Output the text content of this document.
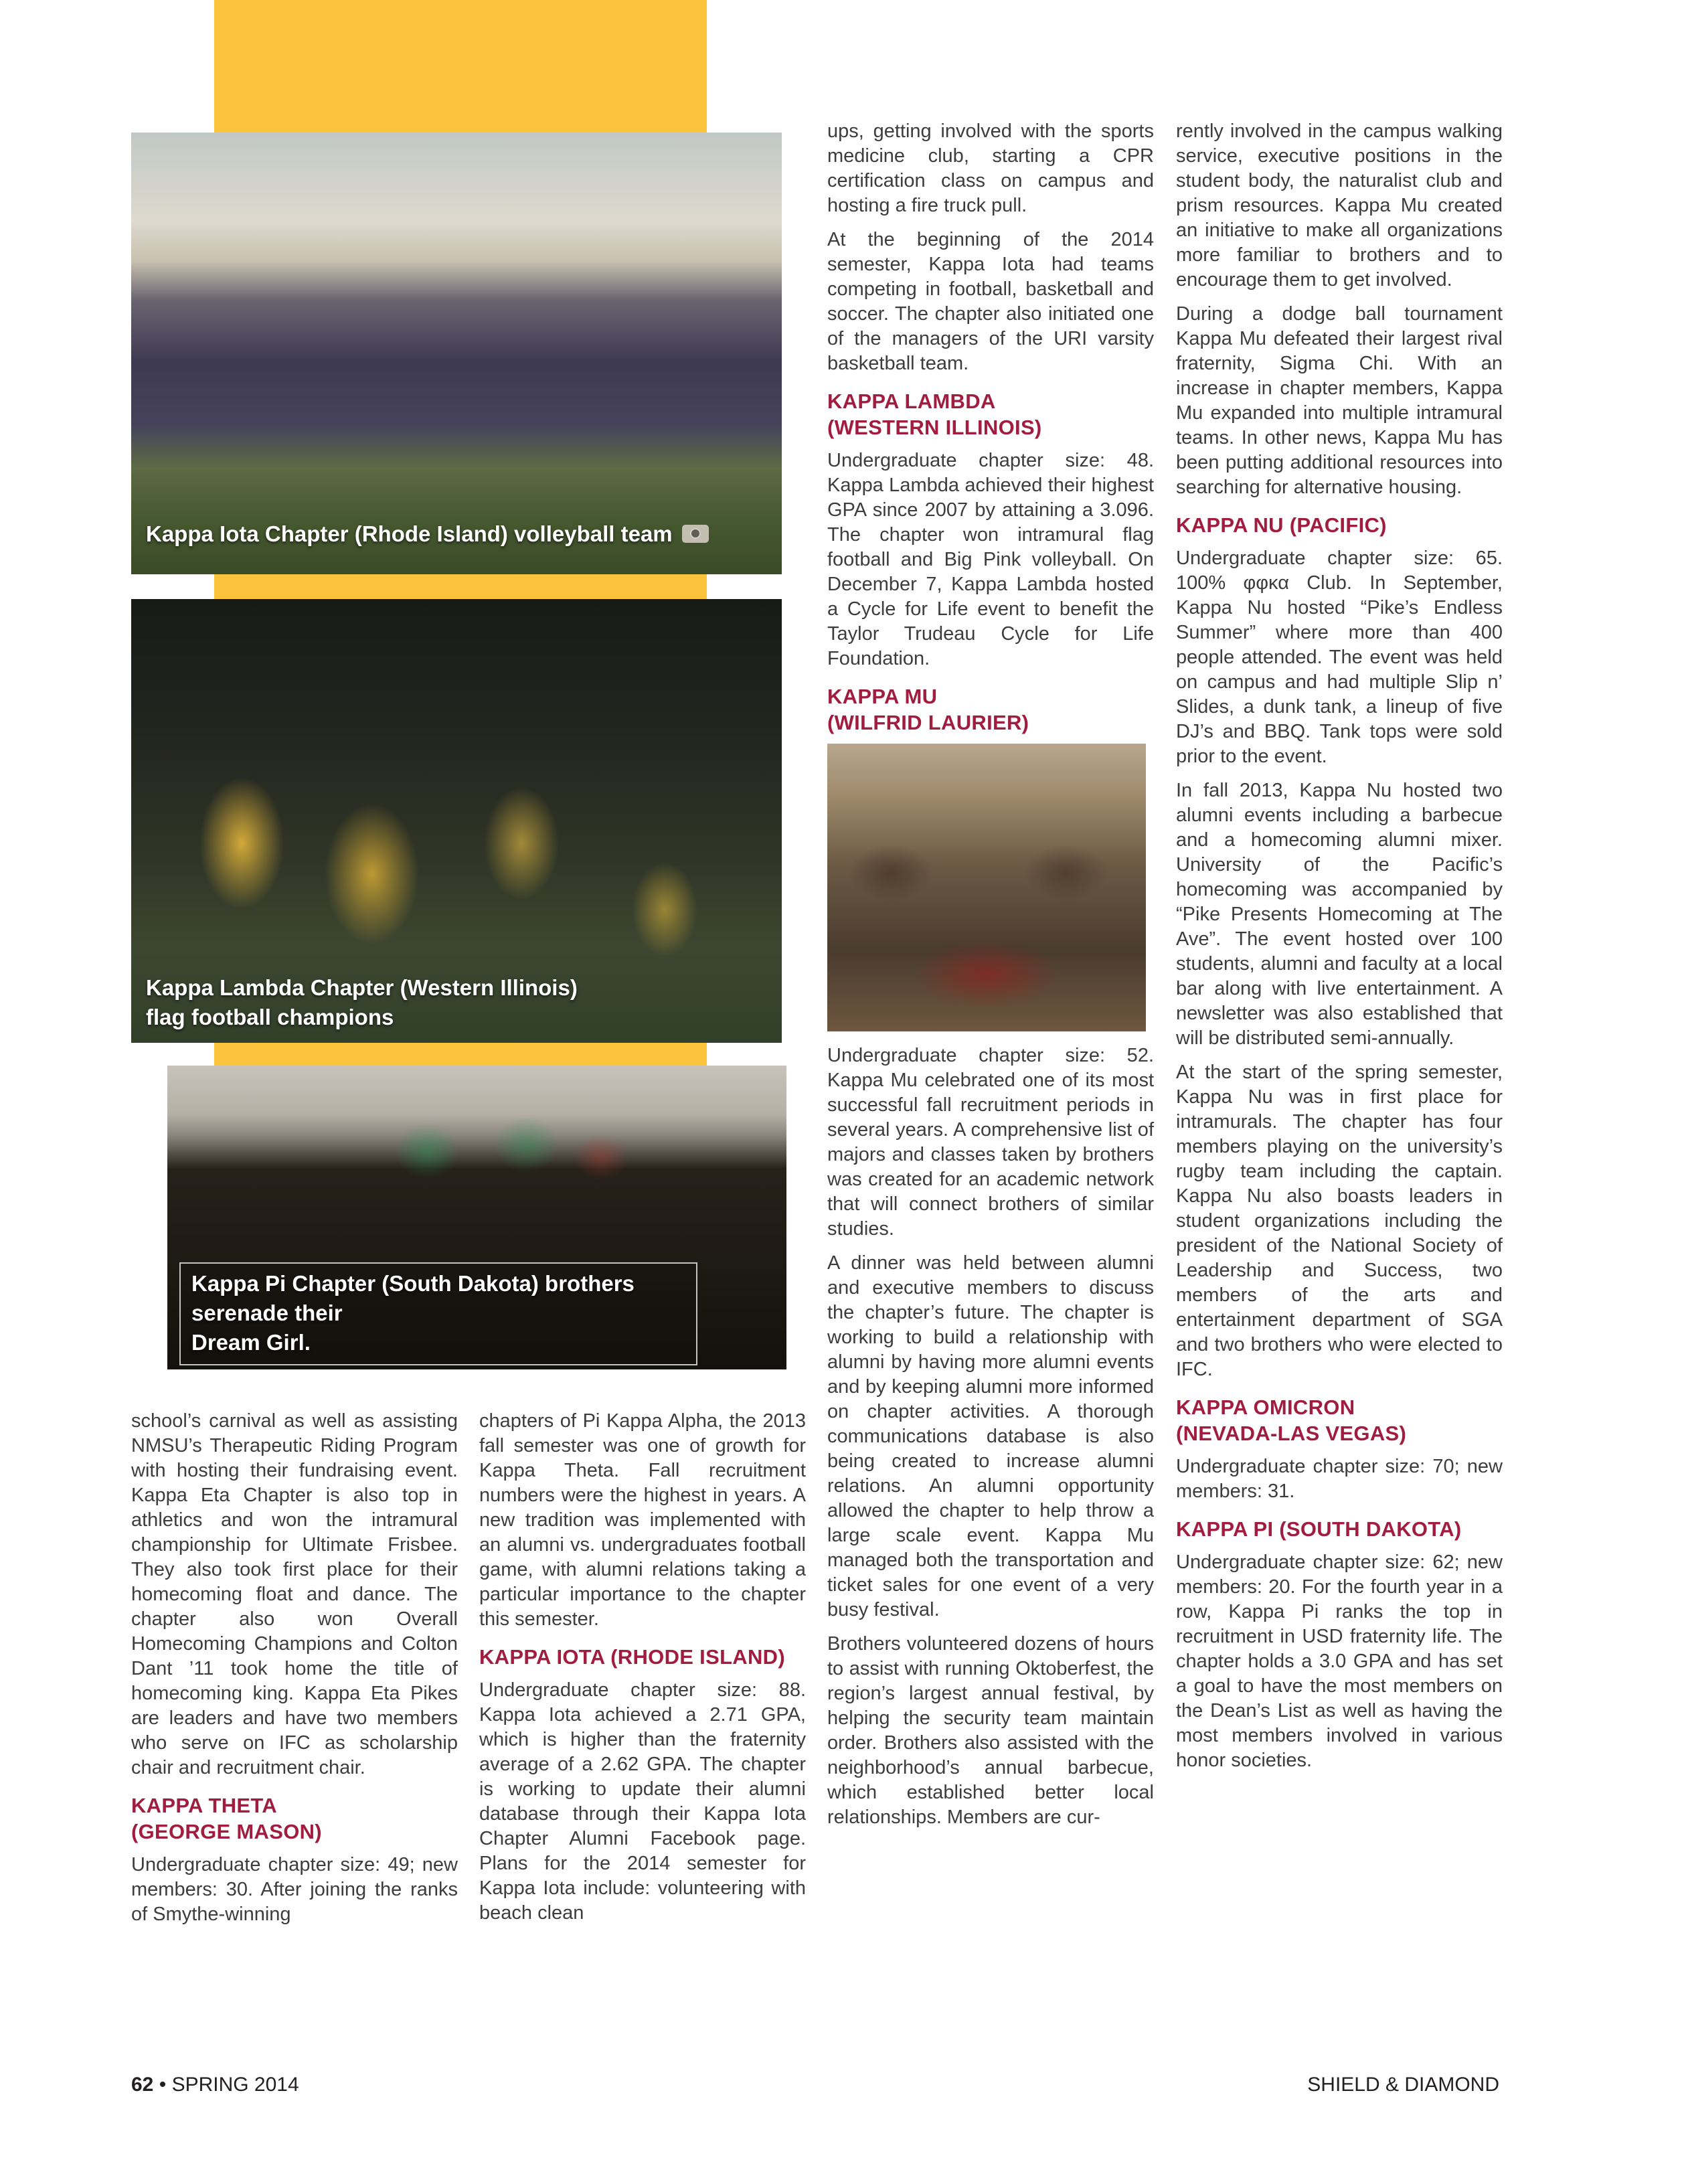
Kappa Iota Chapter (Rhode Island) volleyball team
Kappa Lambda Chapter (Western Illinois)
flag football champions
Kappa Pi Chapter (South Dakota) brothers serenade their
Dream Girl.

school’s carnival as well as assisting NMSU’s Therapeutic Riding Program with hosting their fundraising event. Kappa Eta Chapter is also top in athletics and won the intramural championship for Ultimate Frisbee. They also took first place for their homecoming float and dance. The chapter also won Overall Homecoming Champions and Colton Dant ’11 took home the title of homecoming king. Kappa Eta Pikes are leaders and have two members who serve on IFC as scholarship chair and recruitment chair.

KAPPA THETA
(GEORGE MASON)

Undergraduate chapter size: 49; new members: 30. After joining the ranks of Smythe-winning

chapters of Pi Kappa Alpha, the 2013 fall semester was one of growth for Kappa Theta. Fall recruitment numbers were the highest in years. A new tradition was implemented with an alumni vs. undergraduates football game, with alumni relations taking a particular importance to the chapter this semester.

KAPPA IOTA (RHODE ISLAND)

Undergraduate chapter size: 88. Kappa Iota achieved a 2.71 GPA, which is higher than the fraternity average of a 2.62 GPA. The chapter is working to update their alumni database through their Kappa Iota Chapter Alumni Facebook page. Plans for the 2014 semester for Kappa Iota include: volunteering with beach clean

ups, getting involved with the sports medicine club, starting a CPR certification class on campus and hosting a fire truck pull.

At the beginning of the 2014 semester, Kappa Iota had teams competing in football, basketball and soccer. The chapter also initiated one of the managers of the URI varsity basketball team.

KAPPA LAMBDA
(WESTERN ILLINOIS)

Undergraduate chapter size: 48. Kappa Lambda achieved their highest GPA since 2007 by attaining a 3.096. The chapter won intramural flag football and Big Pink volleyball. On December 7, Kappa Lambda hosted a Cycle for Life event to benefit the Taylor Trudeau Cycle for Life Foundation.

KAPPA MU
(WILFRID LAURIER)

Undergraduate chapter size: 52. Kappa Mu celebrated one of its most successful fall recruitment periods in several years. A comprehensive list of majors and classes taken by brothers was created for an academic network that will connect brothers of similar studies.

A dinner was held between alumni and executive members to discuss the chapter’s future. The chapter is working to build a relationship with alumni by having more alumni events and by keeping alumni more informed on chapter activities. A thorough communications database is also being created to increase alumni relations. An alumni opportunity allowed the chapter to help throw a large scale event. Kappa Mu managed both the transportation and ticket sales for one event of a very busy festival.

Brothers volunteered dozens of hours to assist with running Oktoberfest, the region’s largest annual festival, by helping the security team maintain order. Brothers also assisted with the neighborhood’s annual barbecue, which established better local relationships. Members are cur-

rently involved in the campus walking service, executive positions in the student body, the naturalist club and prism resources. Kappa Mu created an initiative to make all organizations more familiar to brothers and to encourage them to get involved.

During a dodge ball tournament Kappa Mu defeated their largest rival fraternity, Sigma Chi. With an increase in chapter members, Kappa Mu expanded into multiple intramural teams. In other news, Kappa Mu has been putting additional resources into searching for alternative housing.

KAPPA NU (PACIFIC)

Undergraduate chapter size: 65. 100% φφκα Club. In September, Kappa Nu hosted “Pike’s Endless Summer” where more than 400 people attended. The event was held on campus and had multiple Slip n’ Slides, a dunk tank, a lineup of five DJ’s and BBQ. Tank tops were sold prior to the event.

In fall 2013, Kappa Nu hosted two alumni events including a barbecue and a homecoming alumni mixer. University of the Pacific’s homecoming was accompanied by “Pike Presents Homecoming at The Ave”. The event hosted over 100 students, alumni and faculty at a local bar along with live entertainment. A newsletter was also established that will be distributed semi-annually.

At the start of the spring semester, Kappa Nu was in first place for intramurals. The chapter has four members playing on the university’s rugby team including the captain. Kappa Nu also boasts leaders in student organizations including the president of the National Society of Leadership and Success, two members of the arts and entertainment department of SGA and two brothers who were elected to IFC.

KAPPA OMICRON
(NEVADA-LAS VEGAS)

Undergraduate chapter size: 70; new members: 31.

KAPPA PI (SOUTH DAKOTA)

Undergraduate chapter size: 62; new members: 20. For the fourth year in a row, Kappa Pi ranks the top in recruitment in USD fraternity life. The chapter holds a 3.0 GPA and has set a goal to have the most members on the Dean’s List as well as having the most members involved in various honor societies.

62 • SPRING 2014	SHIELD & DIAMOND
